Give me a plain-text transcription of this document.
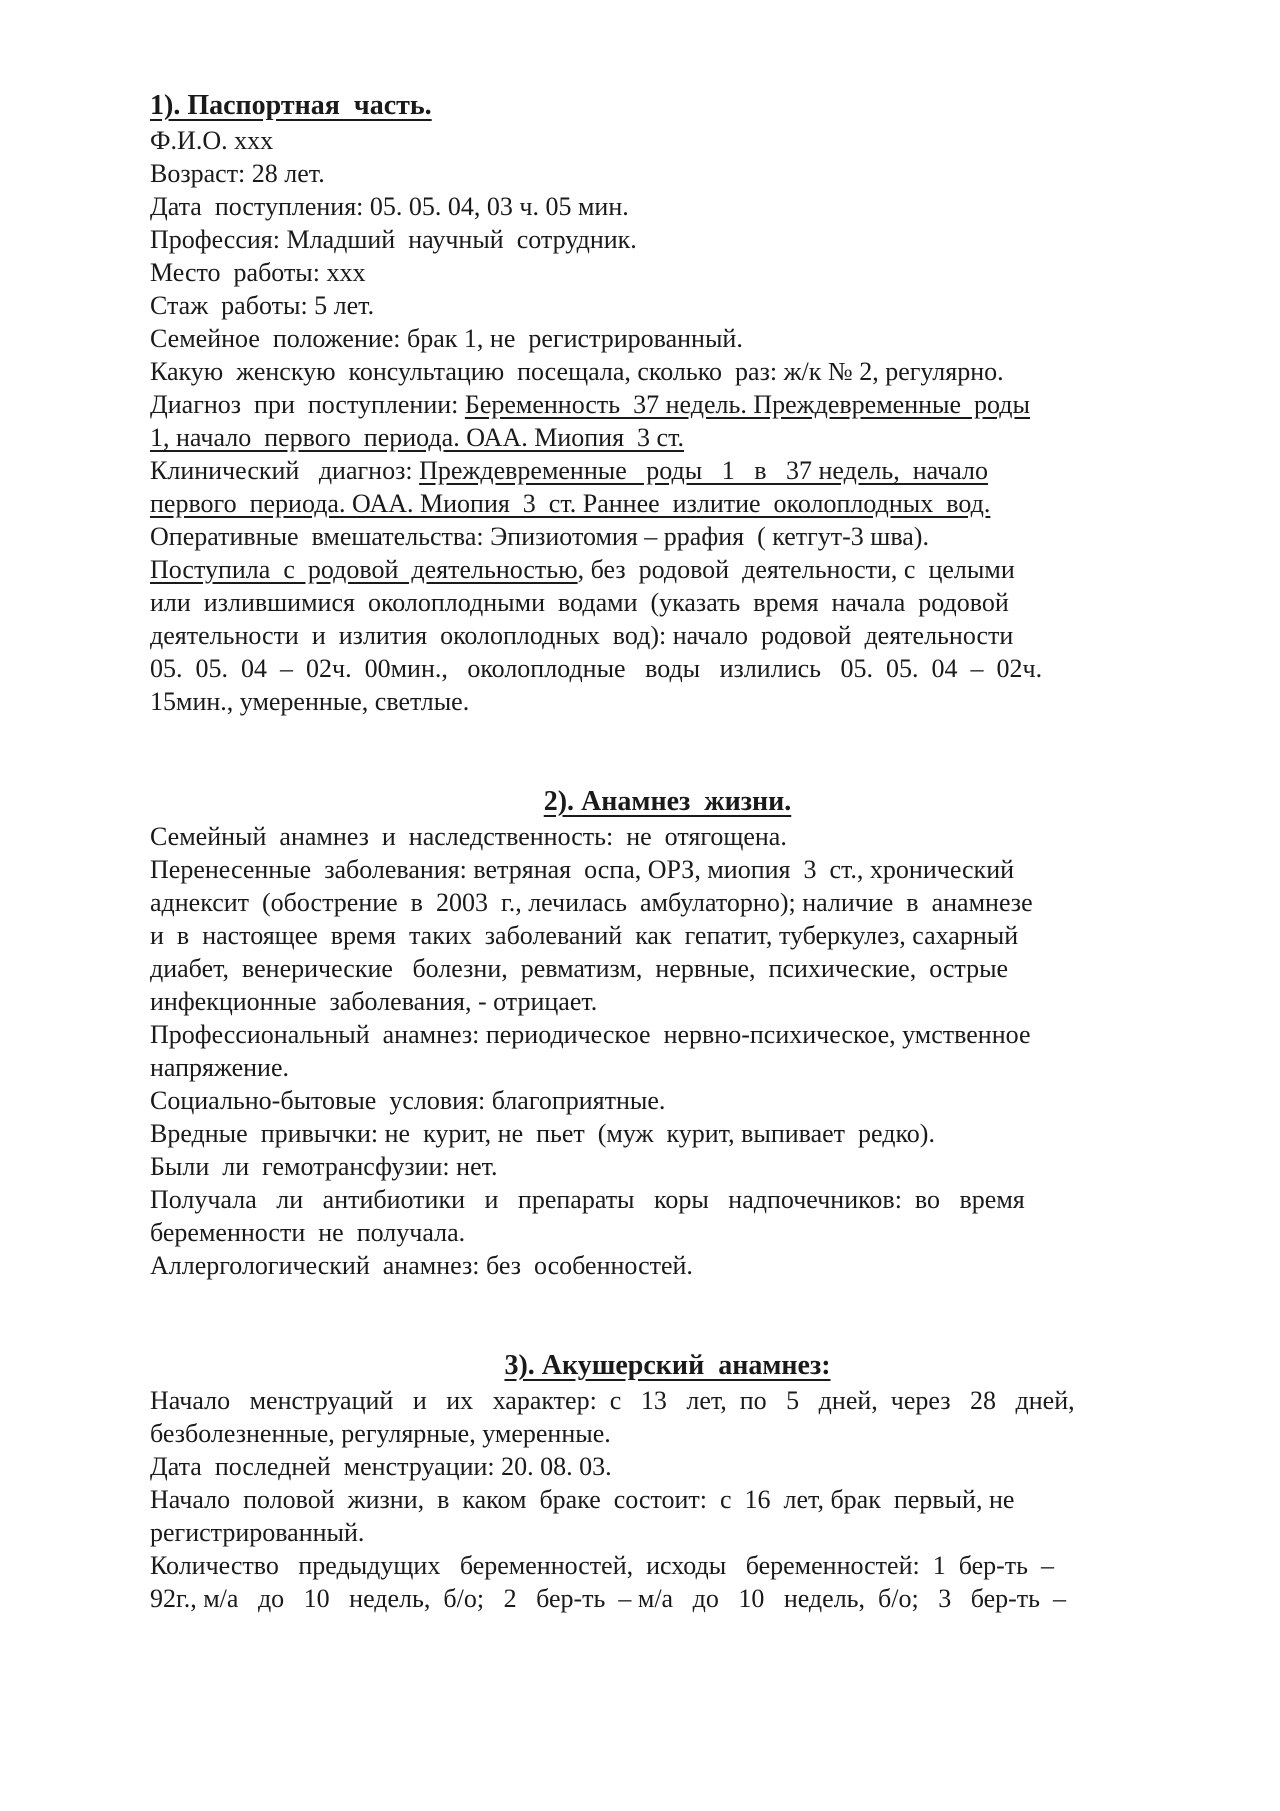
1). Паспортная  часть.
Ф.И.О. ххх
Возраст: 28 лет.
Дата  поступления: 05. 05. 04, 03 ч. 05 мин.
Профессия: Младший  научный  сотрудник.
Место  работы: ххх
Стаж  работы: 5 лет.
Семейное  положение: брак 1, не  регистрированный.
Какую  женскую  консультацию  посещала, сколько  раз: ж/к № 2, регулярно.
Диагноз  при  поступлении: Беременность  37 недель. Преждевременные  роды
1, начало  первого  периода. ОАА. Миопия  3 ст.
Клинический   диагноз: Преждевременные   роды   1   в   37 недель,  начало
первого  периода. ОАА. Миопия  3  ст. Раннее  излитие  околоплодных  вод.
Оперативные  вмешательства: Эпизиотомия – ррафия  ( кетгут-3 шва).
Поступила  с  родовой  деятельностью, без  родовой  деятельности, с  целыми
или  излившимися  околоплодными  водами  (указать  время  начала  родовой
деятельности  и  излития  околоплодных  вод): начало  родовой  деятельности
05.  05.  04  –  02ч.  00мин.,   околоплодные   воды   излились   05.  05.  04  –  02ч.
15мин., умеренные, светлые.
2). Анамнез  жизни.
Семейный  анамнез  и  наследственность:  не  отягощена.
Перенесенные  заболевания: ветряная  оспа, ОРЗ, миопия  3  ст., хронический
аднексит  (обострение  в  2003  г., лечилась  амбулаторно); наличие  в  анамнезе
и  в  настоящее  время  таких  заболеваний  как  гепатит, туберкулез, сахарный
диабет,  венерические   болезни,  ревматизм,  нервные,  психические,  острые
инфекционные  заболевания, - отрицает.
Профессиональный  анамнез: периодическое  нервно-психическое, умственное
напряжение.
Социально-бытовые  условия: благоприятные.
Вредные  привычки: не  курит, не  пьет  (муж  курит, выпивает  редко).
Были  ли  гемотрансфузии: нет.
Получала   ли   антибиотики   и   препараты   коры   надпочечников:  во   время
беременности  не  получала.
Аллергологический  анамнез: без  особенностей.
3). Акушерский  анамнез:
Начало   менструаций   и   их   характер:  с   13   лет,  по   5   дней,  через   28   дней,
безболезненные, регулярные, умеренные.
Дата  последней  менструации: 20. 08. 03.
Начало  половой  жизни,  в  каком  браке  состоит:  с  16  лет, брак  первый, не
регистрированный.
Количество   предыдущих   беременностей,  исходы   беременностей:  1  бер-ть  –
92г., м/а   до   10   недель,  б/о;   2   бер-ть  – м/а   до   10   недель,  б/о;   3   бер-ть  –
